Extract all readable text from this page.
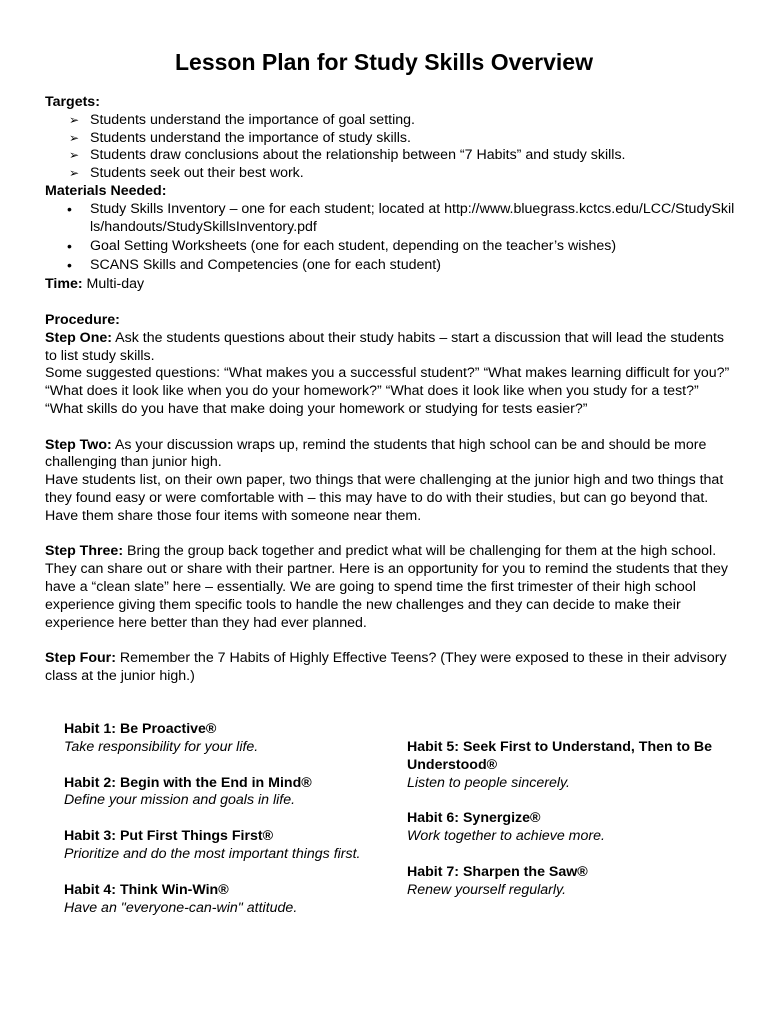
Lesson Plan for Study Skills Overview
Targets:
➢ Students understand the importance of goal setting.
➢ Students understand the importance of study skills.
➢ Students draw conclusions about the relationship between “7 Habits” and study skills.
➢ Students seek out their best work.
Materials Needed:
• Study Skills Inventory – one for each student; located at http://www.bluegrass.kctcs.edu/LCC/StudySkills/handouts/StudySkillsInventory.pdf
• Goal Setting Worksheets (one for each student, depending on the teacher’s wishes)
• SCANS Skills and Competencies (one for each student)
Time: Multi-day
Procedure:

Step One: Ask the students questions about their study habits – start a discussion that will lead the students to list study skills.

Some suggested questions: “What makes you a successful student?” “What makes learning difficult for you?” “What does it look like when you do your homework?” “What does it look like when you study for a test?” “What skills do you have that make doing your homework or studying for tests easier?”

Step Two: As your discussion wraps up, remind the students that high school can be and should be more challenging than junior high.

Have students list, on their own paper, two things that were challenging at the junior high and two things that they found easy or were comfortable with – this may have to do with their studies, but can go beyond that. Have them share those four items with someone near them.

Step Three: Bring the group back together and predict what will be challenging for them at the high school. They can share out or share with their partner. Here is an opportunity for you to remind the students that they have a “clean slate” here – essentially. We are going to spend time the first trimester of their high school experience giving them specific tools to handle the new challenges and they can decide to make their experience here better than they had ever planned.

Step Four: Remember the 7 Habits of Highly Effective Teens? (They were exposed to these in their advisory class at the junior high.)

Habit 1: Be Proactive®
Take responsibility for your life.
Habit 2: Begin with the End in Mind®
Define your mission and goals in life.
Habit 3: Put First Things First®
Prioritize and do the most important things first.
Habit 4: Think Win-Win®
Have an "everyone-can-win" attitude.
Habit 5: Seek First to Understand, Then to Be Understood®
Listen to people sincerely.
Habit 6: Synergize®
Work together to achieve more.
Habit 7: Sharpen the Saw®
Renew yourself regularly.
